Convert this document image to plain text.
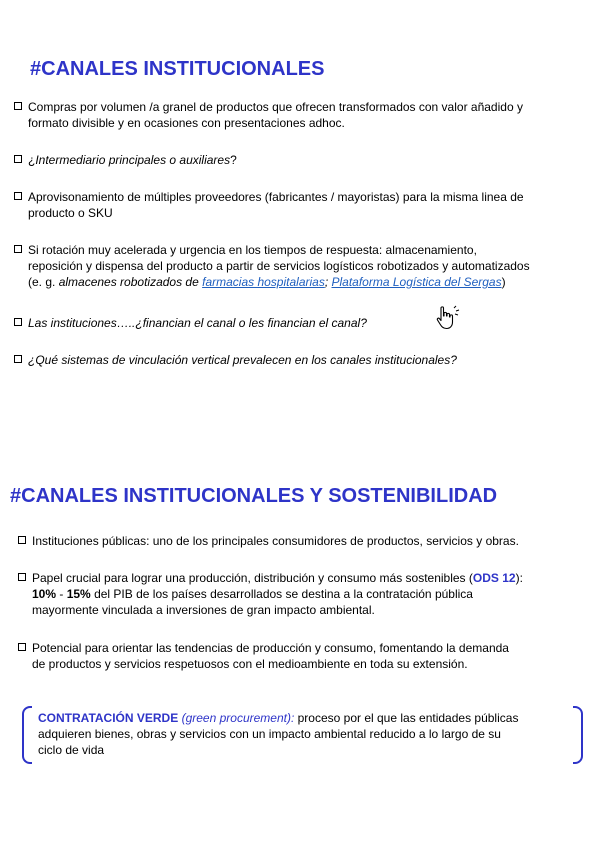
#CANALES INSTITUCIONALES
Compras por volumen /a granel de productos que ofrecen transformados con valor añadido y
formato divisible y en ocasiones con presentaciones adhoc.
¿Intermediario principales o auxiliares?
Aprovisonamiento de múltiples proveedores (fabricantes / mayoristas) para la misma linea de
producto o SKU
Si rotación muy acelerada y urgencia en los tiempos de respuesta: almacenamiento,
reposición y dispensa del producto a partir de servicios logísticos robotizados y automatizados
(e. g. almacenes robotizados de farmacias hospitalarias; Plataforma Logística del Sergas)
Las instituciones…..¿financian el canal o les financian el canal?
¿Qué sistemas de vinculación vertical prevalecen en los canales institucionales?
#CANALES INSTITUCIONALES Y SOSTENIBILIDAD
Instituciones públicas: uno de los principales consumidores de productos, servicios y obras.
Papel crucial para lograr una producción, distribución y consumo más sostenibles (ODS 12):
10% - 15% del PIB de los países desarrollados se destina a la contratación pública
mayormente vinculada a inversiones de gran impacto ambiental.
Potencial para orientar las tendencias de producción y consumo, fomentando la demanda
de productos y servicios respetuosos con el medioambiente en toda su extensión.
CONTRATACIÓN VERDE (green procurement): proceso por el que las entidades públicas
adquieren bienes, obras y servicios con un impacto ambiental reducido a lo largo de su
ciclo de vida
